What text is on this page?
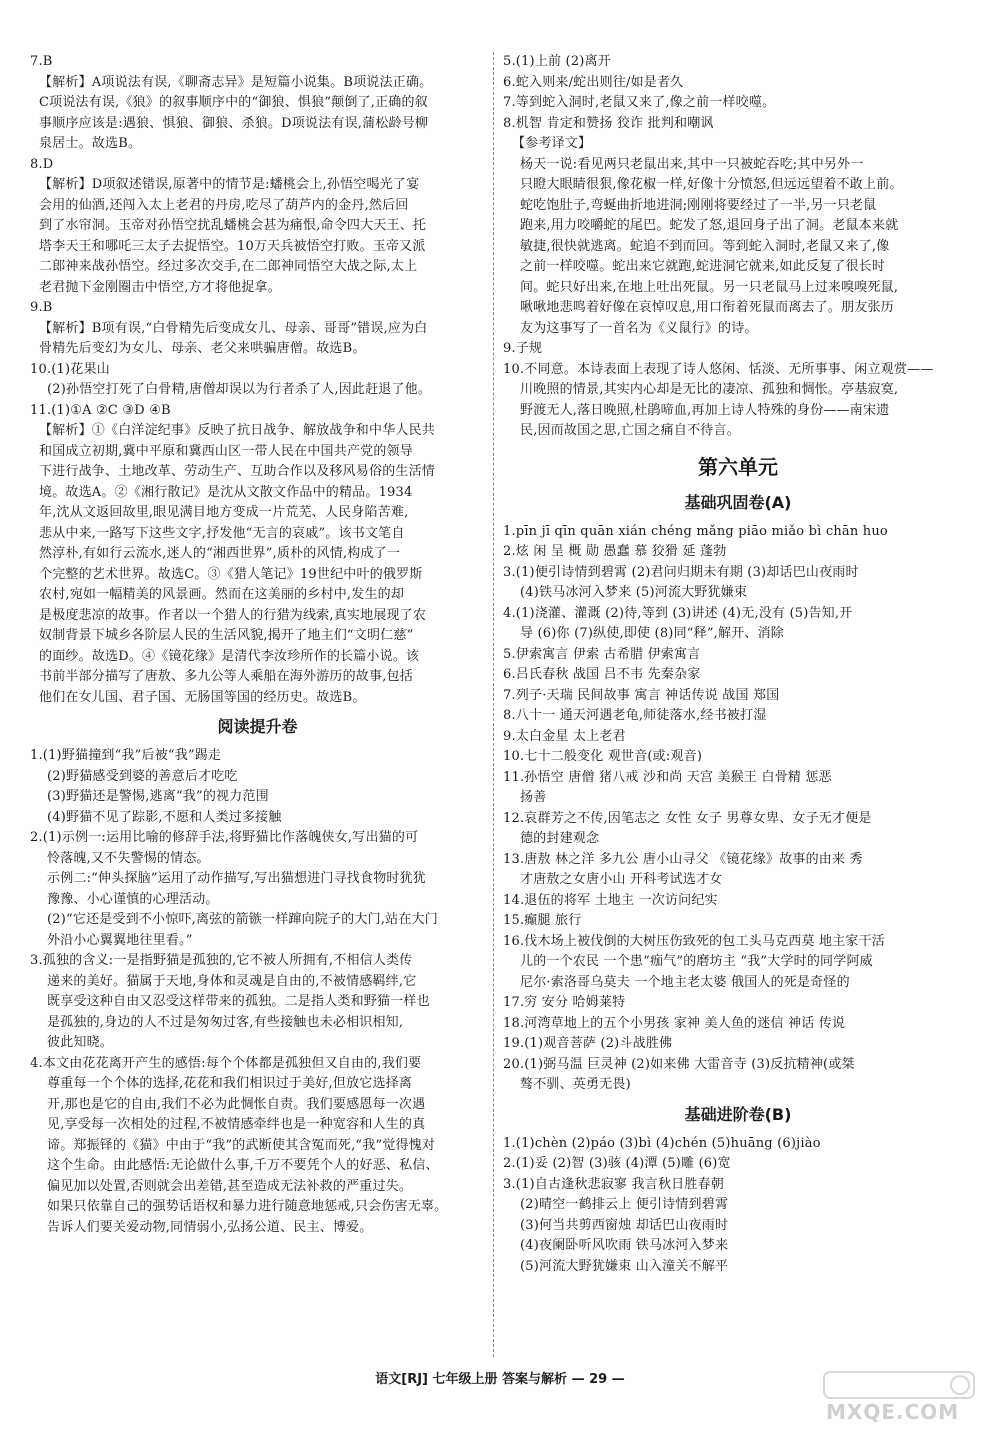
7.B
【解析】A项说法有误,《聊斋志异》是短篇小说集。B项说法正确。
C项说法有误,《狼》的叙事顺序中的“御狼、惧狼”颠倒了,正确的叙
事顺序应该是:遇狼、惧狼、御狼、杀狼。D项说法有误,蒲松龄号柳
泉居士。故选B。
8.D
【解析】D项叙述错误,原著中的情节是:蟠桃会上,孙悟空喝光了宴
会用的仙酒,还闯入太上老君的丹房,吃尽了葫芦内的金丹,然后回
到了水帘洞。玉帝对孙悟空扰乱蟠桃会甚为痛恨,命令四大天王、托
塔李天王和哪吒三太子去捉悟空。10万天兵被悟空打败。玉帝又派
二郎神来战孙悟空。经过多次交手,在二郎神同悟空大战之际,太上
老君抛下金刚圈击中悟空,方才将他捉拿。
9.B
【解析】B项有误,“白骨精先后变成女儿、母亲、哥哥”错误,应为白
骨精先后变幻为女儿、母亲、老父来哄骗唐僧。故选B。
10.(1)花果山
(2)孙悟空打死了白骨精,唐僧却误以为行者杀了人,因此赶退了他。
11.(1)①A ②C ③D ④B
【解析】①《白洋淀纪事》反映了抗日战争、解放战争和中华人民共
和国成立初期,冀中平原和冀西山区一带人民在中国共产党的领导
下进行战争、土地改革、劳动生产、互助合作以及移风易俗的生活情
境。故选A。②《湘行散记》是沈从文散文作品中的精品。1934
年,沈从文返回故里,眼见满目地方变成一片荒芜、人民身陷苦难,
悲从中来,一路写下这些文字,抒发他“无言的哀戚”。该书文笔自
然淳朴,有如行云流水,迷人的“湘西世界”,质朴的风情,构成了一
个完整的艺术世界。故选C。③《猎人笔记》19世纪中叶的俄罗斯
农村,宛如一幅精美的风景画。然而在这美丽的乡村中,发生的却
是极度悲凉的故事。作者以一个猎人的行猎为线索,真实地展现了农
奴制背景下城乡各阶层人民的生活风貌,揭开了地主们“文明仁慈”
的面纱。故选D。④《镜花缘》是清代李汝珍所作的长篇小说。该
书前半部分描写了唐敖、多九公等人乘船在海外游历的故事,包括
他们在女儿国、君子国、无肠国等国的经历史。故选B。
阅读提升卷
1.(1)野猫撞到“我”后被“我”踢走
(2)野猫感受到婆的善意后才吃吃
(3)野猫还是警惕,逃离“我”的视力范围
(4)野猫不见了踪影,不愿和人类过多接触
2.(1)示例一:运用比喻的修辞手法,将野猫比作落魄侠女,写出猫的可
怜落魄,又不失警惕的情态。
示例二:“伸头探脑”运用了动作描写,写出猫想进门寻找食物时犹犹
豫豫、小心谨慎的心理活动。
(2)“它还是受到不小惊吓,离弦的箭镞一样蹿向院子的大门,站在大门
外沿小心翼翼地往里看。”
3.孤独的含义:一是指野猫是孤独的,它不被人所拥有,不相信人类传
递来的美好。猫属于天地,身体和灵魂是自由的,不被情感羁绊,它
既享受这种自由又忍受这样带来的孤独。二是指人类和野猫一样也
是孤独的,身边的人不过是匆匆过客,有些接触也未必相识相知,
彼此知晓。
4.本文由花花离开产生的感悟:每个个体都是孤独但又自由的,我们要
尊重每一个个体的选择,花花和我们相识过于美好,但放它选择离
开,那也是它的自由,我们不必为此惆怅自责。我们要感恩每一次遇
见,享受每一次相处的过程,不被情感牵绊也是一种宽容和人生的真
谛。郑振铎的《猫》中由于“我”的武断使其含冤而死,“我”觉得愧对
这个生命。由此感悟:无论做什么事,千万不要凭个人的好恶、私信、
偏见加以处置,否则就会出差错,甚至造成无法补救的严重过失。
如果只依靠自己的强势话语权和暴力进行随意地惩戒,只会伤害无辜。
告诉人们要关爱动物,同情弱小,弘扬公道、民主、博爱。
5.(1)上前 (2)离开
6.蛇入则来/蛇出则往/如是者久
7.等到蛇入洞时,老鼠又来了,像之前一样咬噬。
8.机智 肯定和赞扬 狡诈 批判和嘲讽
【参考译文】
杨天一说:看见两只老鼠出来,其中一只被蛇吞吃;其中另外一
只瞪大眼睛很狠,像花椒一样,好像十分愤怒,但远远望着不敢上前。
蛇吃饱肚子,弯蜒曲折地进洞;刚刚将要经过了一半,另一只老鼠
跑来,用力咬嚼蛇的尾巴。蛇发了怒,退回身子出了洞。老鼠本来就
敏捷,很快就逃离。蛇追不到而回。等到蛇入洞时,老鼠又来了,像
之前一样咬噬。蛇出来它就跑,蛇进洞它就来,如此反复了很长时
间。蛇只好出来,在地上吐出死鼠。另一只老鼠马上过来嗅嗅死鼠,
啾啾地悲鸣着好像在哀悼叹息,用口衔着死鼠而离去了。朋友张历
友为这事写了一首名为《义鼠行》的诗。
9.子规
10.不同意。本诗表面上表现了诗人悠闲、恬淡、无所事事、闲立观赏——
川晚照的情景,其实内心却是无比的凄凉、孤独和惆怅。亭基寂寞,
野渡无人,落日晚照,杜鹃啼血,再加上诗人特殊的身份——南宋遗
民,因而故国之思,亡国之痛自不待言。
第六单元
基础巩固卷(A)
1.pīn jī qīn quān xián chéng mǎng piāo miǎo bì chān huo
2.炫 闲 呈 概 勋 愚蠢 慕 狡猾 延 蓬勃
3.(1)便引诗情到碧霄 (2)君问归期未有期 (3)却话巴山夜雨时
(4)铁马冰河入梦来 (5)河流大野犹嫌束
4.(1)浇灌、灌溉 (2)待,等到 (3)讲述 (4)无,没有 (5)告知,开
导 (6)你 (7)纵使,即使 (8)同“释”,解开、消除
5.伊索寓言 伊索 古希腊 伊索寓言
6.吕氏春秋 战国 吕不韦 先秦杂家
7.列子·天瑞 民间故事 寓言 神话传说 战国 郑国
8.八十一 通天河遇老龟,师徒落水,经书被打湿
9.太白金星 太上老君
10.七十二般变化 观世音(或:观音)
11.孙悟空 唐僧 猪八戒 沙和尚 天宫 美猴王 白骨精 惩恶
扬善
12.哀群芳之不传,因笔志之 女性 女子 男尊女卑、女子无才便是
德的封建观念
13.唐敖 林之洋 多九公 唐小山寻父 《镜花缘》故事的由来 秀
才唐敖之女唐小山 开科考试选才女
14.退伍的将军 土地主 一次访问纪实
15.癫腿 旅行
16.伐木场上被伐倒的大树压伤致死的包工头马克西莫 地主家干活
儿的一个农民 一个患“痂气”的磨坊主 “我”大学时的同学阿威
尼尔·索洛哥乌莫夫 一个地主老太婆 俄国人的死是奇怪的
17.穷 安分 哈姆莱特
18.河湾草地上的五个小男孩 家神 美人鱼的迷信 神话 传说
19.(1)观音菩萨 (2)斗战胜佛
20.(1)弼马温 巨灵神 (2)如来佛 大雷音寺 (3)反抗精神(或桀
骜不驯、英勇无畏)
基础进阶卷(B)
1.(1)chèn (2)páo (3)bì (4)chén (5)huāng (6)jiào
2.(1)妥 (2)智 (3)骇 (4)潭 (5)雕 (6)宽
3.(1)自古逢秋悲寂寥 我言秋日胜春朝
(2)晴空一鹤排云上 便引诗情到碧霄
(3)何当共剪西窗烛 却话巴山夜雨时
(4)夜阑卧听风吹雨 铁马冰河入梦来
(5)河流大野犹嫌束 山入潼关不解平
语文[RJ] 七年级上册 答案与解析 — 29 —
MXQE.COM
